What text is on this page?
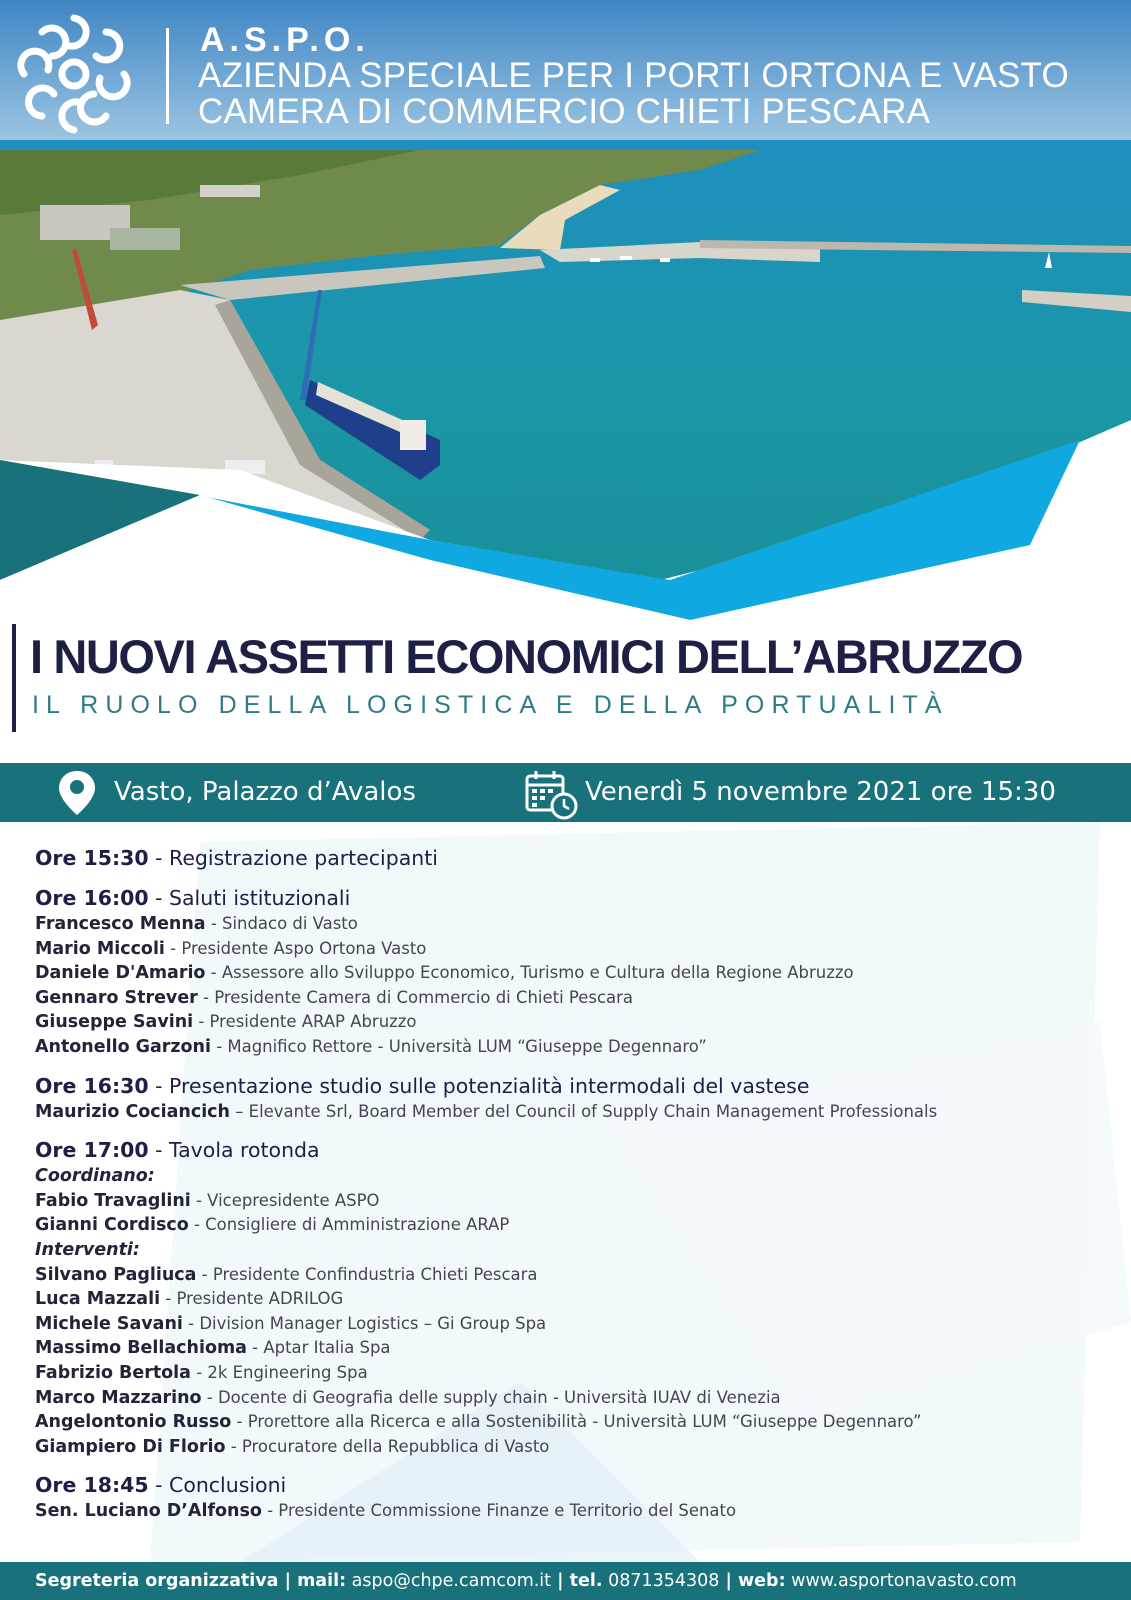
A.S.P.O.
AZIENDA SPECIALE PER I PORTI ORTONA E VASTO
CAMERA DI COMMERCIO CHIETI PESCARA
I NUOVI ASSETTI ECONOMICI DELL’ABRUZZO
IL RUOLO DELLA LOGISTICA E DELLA PORTUALITÀ
Vasto, Palazzo d’Avalos	Venerdì 5 novembre 2021 ore 15:30
Ore 15:30 - Registrazione partecipanti
Ore 16:00 - Saluti istituzionali
Francesco Menna - Sindaco di Vasto
Mario Miccoli - Presidente Aspo Ortona Vasto
Daniele D'Amario - Assessore allo Sviluppo Economico, Turismo e Cultura della Regione Abruzzo
Gennaro Strever - Presidente Camera di Commercio di Chieti Pescara
Giuseppe Savini - Presidente ARAP Abruzzo
Antonello Garzoni - Magnifico Rettore - Università LUM “Giuseppe Degennaro”
Ore 16:30 - Presentazione studio sulle potenzialità intermodali del vastese
Maurizio Cociancich – Elevante Srl, Board Member del Council of Supply Chain Management Professionals
Ore 17:00 - Tavola rotonda
Coordinano:
Fabio Travaglini - Vicepresidente ASPO
Gianni Cordisco - Consigliere di Amministrazione ARAP
Interventi:
Silvano Pagliuca - Presidente Confindustria Chieti Pescara
Luca Mazzali - Presidente ADRILOG
Michele Savani - Division Manager Logistics – Gi Group Spa
Massimo Bellachioma - Aptar Italia Spa
Fabrizio Bertola - 2k Engineering Spa
Marco Mazzarino - Docente di Geografia delle supply chain - Università IUAV di Venezia
Angelontonio Russo - Prorettore alla Ricerca e alla Sostenibilità - Università LUM “Giuseppe Degennaro”
Giampiero Di Florio - Procuratore della Repubblica di Vasto
Ore 18:45 - Conclusioni
Sen. Luciano D’Alfonso - Presidente Commissione Finanze e Territorio del Senato
Segreteria organizzativa | mail: aspo@chpe.camcom.it | tel. 0871354308 | web: www.asportonavasto.com
